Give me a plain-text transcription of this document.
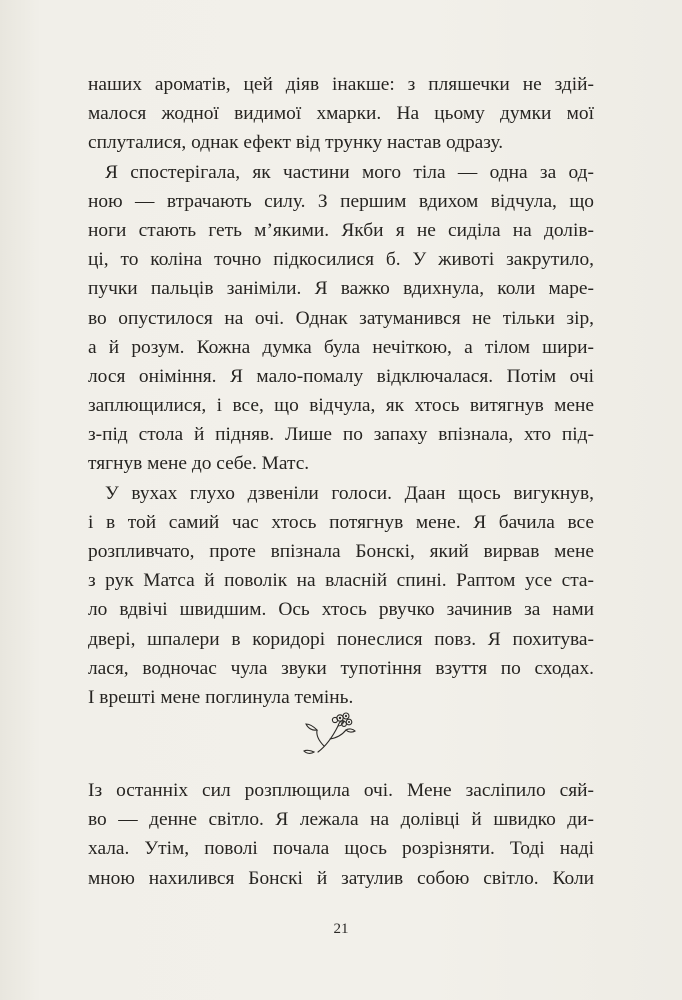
наших ароматів, цей діяв інакше: з пляшечки не здій-
малося жодної видимої хмарки. На цьому думки мої
сплуталися, однак ефект від трунку настав одразу.

Я спостерігала, як частини мого тіла — одна за од-
ною — втрачають силу. З першим вдихом відчула, що
ноги стають геть м’якими. Якби я не сиділа на долів-
ці, то коліна точно підкосилися б. У животі закрутило,
пучки пальців заніміли. Я важко вдихнула, коли маре-
во опустилося на очі. Однак затуманився не тільки зір,
а й розум. Кожна думка була нечіткою, а тілом шири-
лося оніміння. Я мало-помалу відключалася. Потім очі
заплющилися, і все, що відчула, як хтось витягнув мене
з-під стола й підняв. Лише по запаху впізнала, хто під-
тягнув мене до себе. Матс.

У вухах глухо дзвеніли голоси. Даан щось вигукнув,
і в той самий час хтось потягнув мене. Я бачила все
розпливчато, проте впізнала Бонскі, який вирвав мене
з рук Матса й поволік на власній спині. Раптом усе ста-
ло вдвічі швидшим. Ось хтось рвучко зачинив за нами
двері, шпалери в коридорі понеслися повз. Я похитува-
лася, водночас чула звуки тупотіння взуття по сходах.
І врешті мене поглинула темінь.

Із останніх сил розплющила очі. Мене засліпило сяй-
во — денне світло. Я лежала на долівці й швидко ди-
хала. Утім, поволі почала щось розрізняти. Тоді наді
мною нахилився Бонскі й затулив собою світло. Коли

21
